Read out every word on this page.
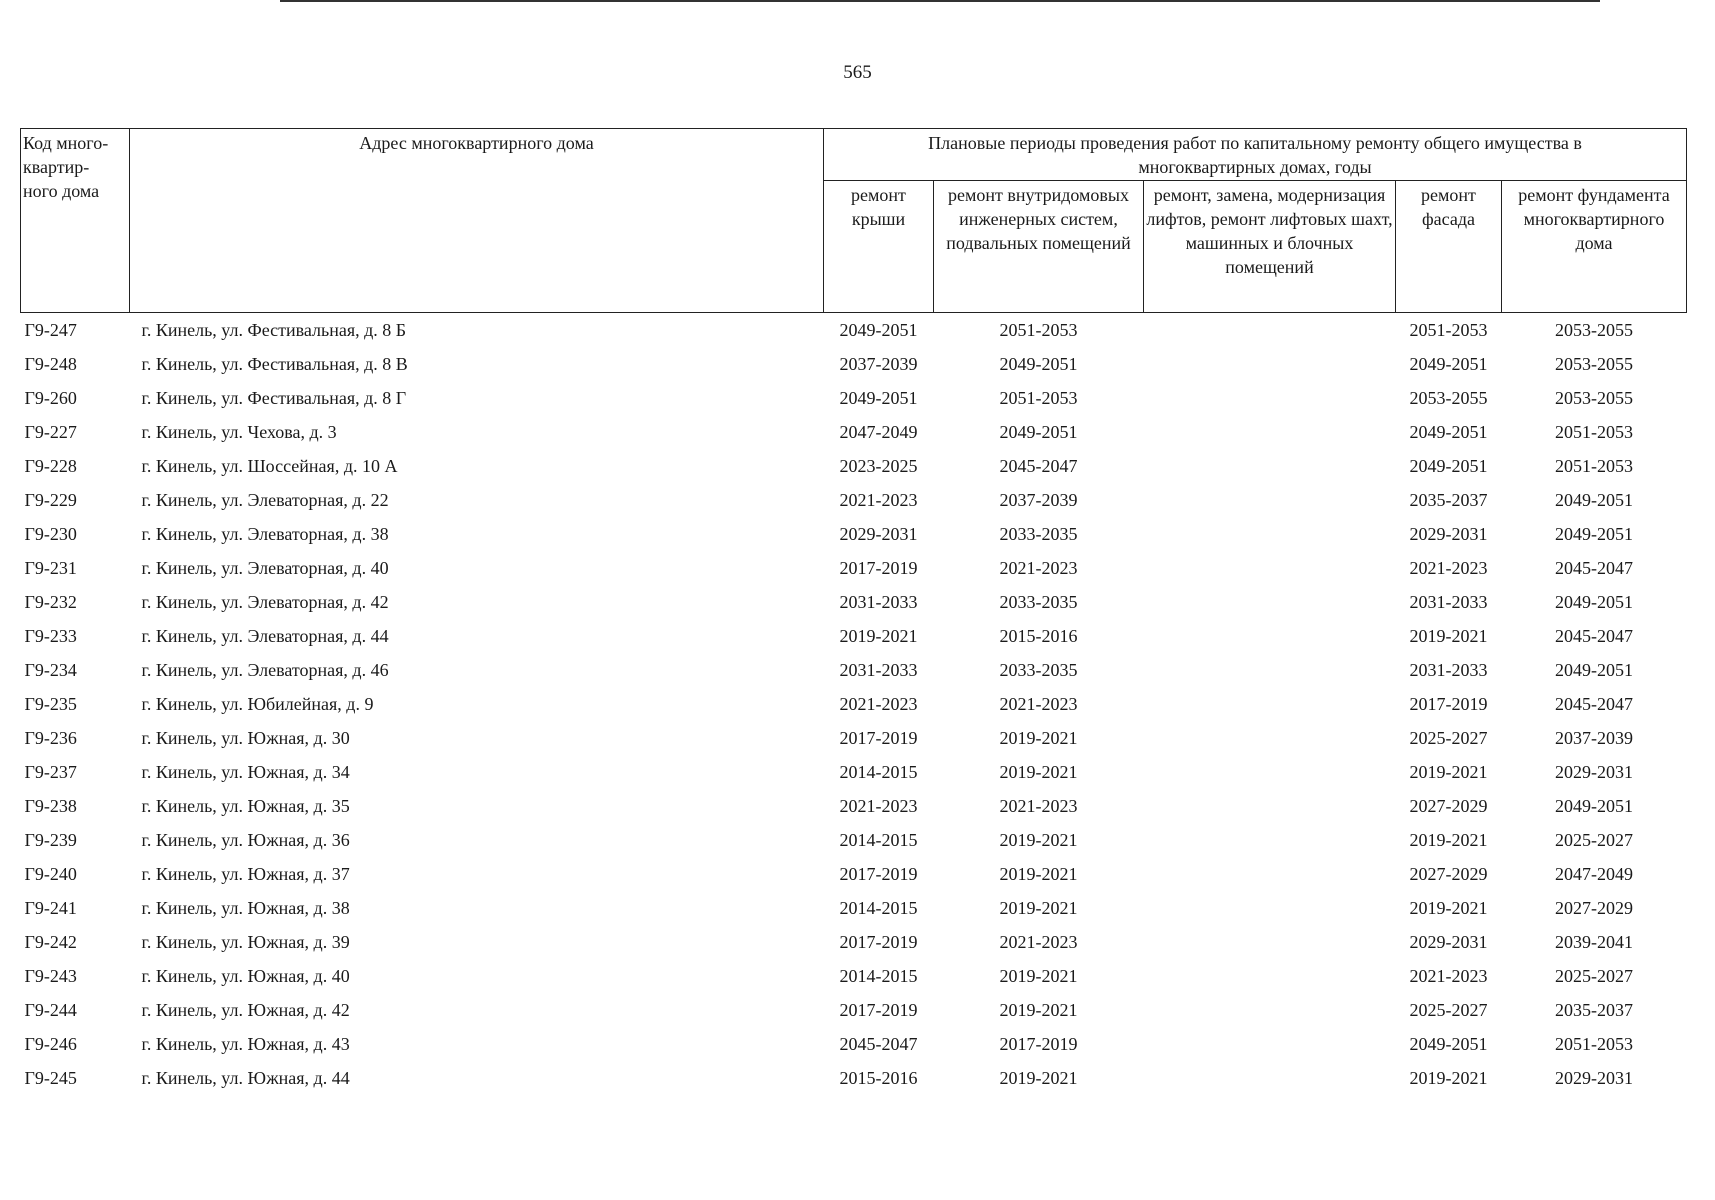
565
Код много-
квартир-
ного дома	Адрес многоквартирного дома	Плановые периоды проведения работ по капитальному ремонту общего имущества в многоквартирных домах, годы				
		ремонт крыши	ремонт внутридомовых инженерных систем, подвальных помещений	ремонт, замена, модернизация лифтов, ремонт лифтовых шахт, машинных и блочных помещений	ремонт фасада	ремонт фундамента многоквартирного дома
Г9-247	г. Кинель, ул. Фестивальная, д. 8 Б	2049-2051	2051-2053		2051-2053	2053-2055
Г9-248	г. Кинель, ул. Фестивальная, д. 8 В	2037-2039	2049-2051		2049-2051	2053-2055
Г9-260	г. Кинель, ул. Фестивальная, д. 8 Г	2049-2051	2051-2053		2053-2055	2053-2055
Г9-227	г. Кинель, ул. Чехова, д. 3	2047-2049	2049-2051		2049-2051	2051-2053
Г9-228	г. Кинель, ул. Шоссейная, д. 10 А	2023-2025	2045-2047		2049-2051	2051-2053
Г9-229	г. Кинель, ул. Элеваторная, д. 22	2021-2023	2037-2039		2035-2037	2049-2051
Г9-230	г. Кинель, ул. Элеваторная, д. 38	2029-2031	2033-2035		2029-2031	2049-2051
Г9-231	г. Кинель, ул. Элеваторная, д. 40	2017-2019	2021-2023		2021-2023	2045-2047
Г9-232	г. Кинель, ул. Элеваторная, д. 42	2031-2033	2033-2035		2031-2033	2049-2051
Г9-233	г. Кинель, ул. Элеваторная, д. 44	2019-2021	2015-2016		2019-2021	2045-2047
Г9-234	г. Кинель, ул. Элеваторная, д. 46	2031-2033	2033-2035		2031-2033	2049-2051
Г9-235	г. Кинель, ул. Юбилейная, д. 9	2021-2023	2021-2023		2017-2019	2045-2047
Г9-236	г. Кинель, ул. Южная, д. 30	2017-2019	2019-2021		2025-2027	2037-2039
Г9-237	г. Кинель, ул. Южная, д. 34	2014-2015	2019-2021		2019-2021	2029-2031
Г9-238	г. Кинель, ул. Южная, д. 35	2021-2023	2021-2023		2027-2029	2049-2051
Г9-239	г. Кинель, ул. Южная, д. 36	2014-2015	2019-2021		2019-2021	2025-2027
Г9-240	г. Кинель, ул. Южная, д. 37	2017-2019	2019-2021		2027-2029	2047-2049
Г9-241	г. Кинель, ул. Южная, д. 38	2014-2015	2019-2021		2019-2021	2027-2029
Г9-242	г. Кинель, ул. Южная, д. 39	2017-2019	2021-2023		2029-2031	2039-2041
Г9-243	г. Кинель, ул. Южная, д. 40	2014-2015	2019-2021		2021-2023	2025-2027
Г9-244	г. Кинель, ул. Южная, д. 42	2017-2019	2019-2021		2025-2027	2035-2037
Г9-246	г. Кинель, ул. Южная, д. 43	2045-2047	2017-2019		2049-2051	2051-2053
Г9-245	г. Кинель, ул. Южная, д. 44	2015-2016	2019-2021		2019-2021	2029-2031
